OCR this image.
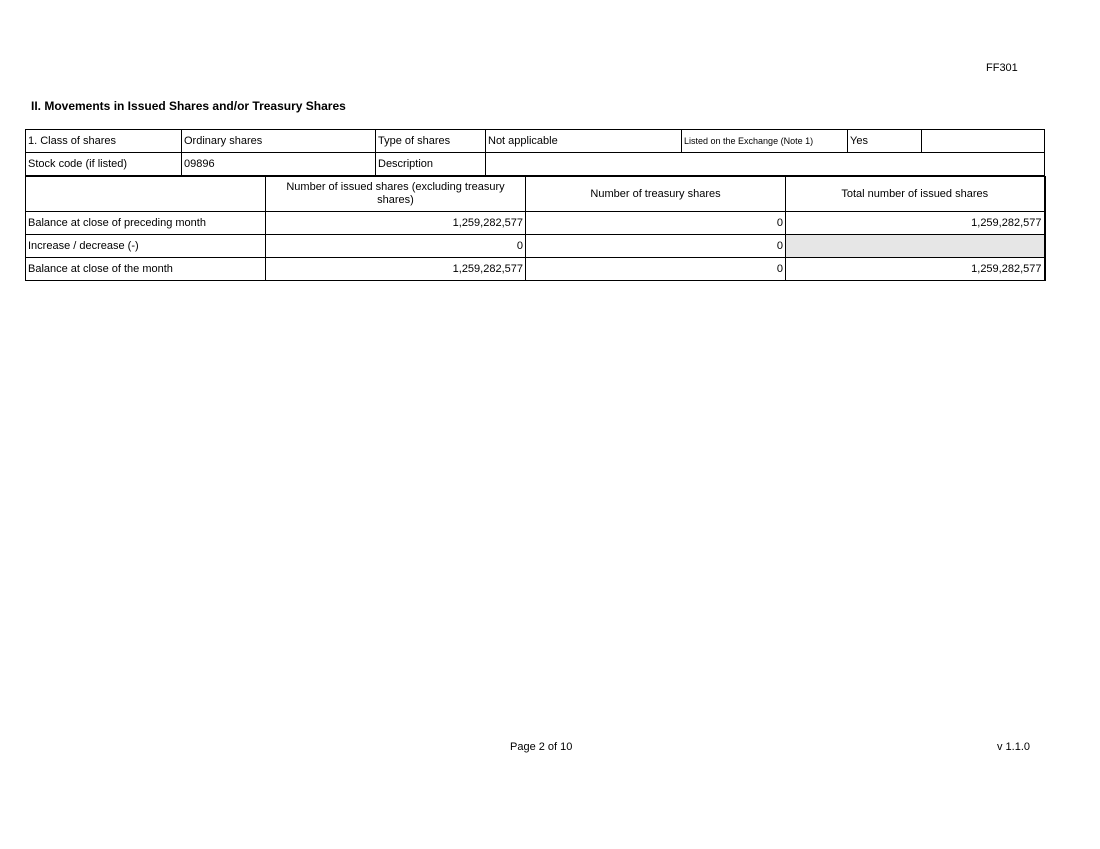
FF301
II. Movements in Issued Shares and/or Treasury Shares
1. Class of shares	Ordinary shares	Type of shares	Not applicable	Listed on the Exchange (Note 1)	Yes	
Stock code (if listed)	09896	Description				
	Number of issued shares (excluding treasury shares)	Number of treasury shares	Total number of issued shares
Balance at close of preceding month	1,259,282,577	0	1,259,282,577
Increase / decrease (-)	0	0	
Balance at close of the month	1,259,282,577	0	1,259,282,577
Page 2 of 10	v 1.1.0
